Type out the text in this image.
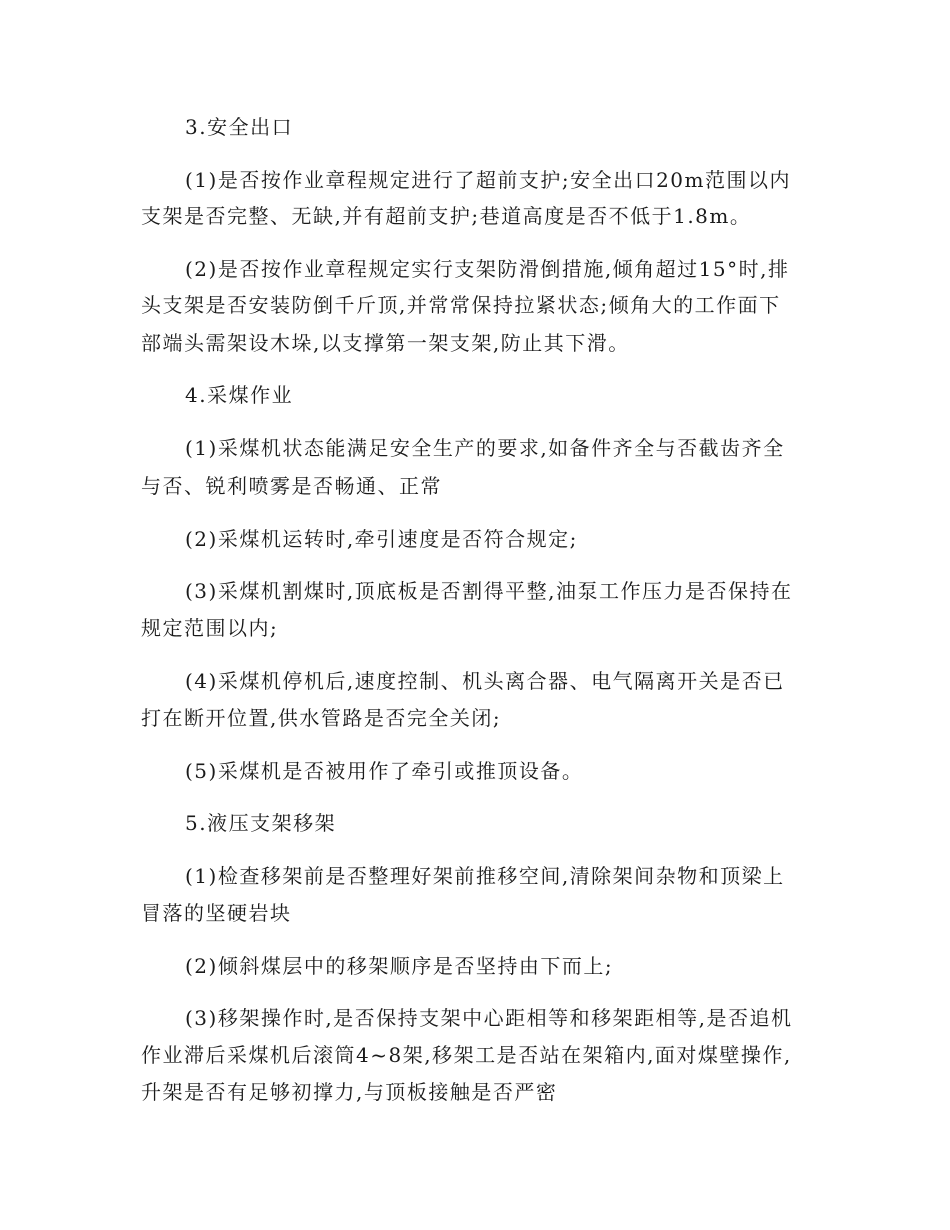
3.安全出口
(1)是否按作业章程规定进行了超前支护;安全出口20m范围以内
支架是否完整、无缺,并有超前支护;巷道高度是否不低于1.8m。
(2)是否按作业章程规定实行支架防滑倒措施,倾角超过15°时,排
头支架是否安装防倒千斤顶,并常常保持拉紧状态;倾角大的工作面下
部端头需架设木垛,以支撑第一架支架,防止其下滑。
4.采煤作业
(1)采煤机状态能满足安全生产的要求,如备件齐全与否截齿齐全
与否、锐利喷雾是否畅通、正常
(2)采煤机运转时,牵引速度是否符合规定;
(3)采煤机割煤时,顶底板是否割得平整,油泵工作压力是否保持在
规定范围以内;
(4)采煤机停机后,速度控制、机头离合器、电气隔离开关是否已
打在断开位置,供水管路是否完全关闭;
(5)采煤机是否被用作了牵引或推顶设备。
5.液压支架移架
(1)检查移架前是否整理好架前推移空间,清除架间杂物和顶梁上
冒落的坚硬岩块
(2)倾斜煤层中的移架顺序是否坚持由下而上;
(3)移架操作时,是否保持支架中心距相等和移架距相等,是否追机
作业滞后采煤机后滚筒4~8架,移架工是否站在架箱内,面对煤壁操作,
升架是否有足够初撑力,与顶板接触是否严密
